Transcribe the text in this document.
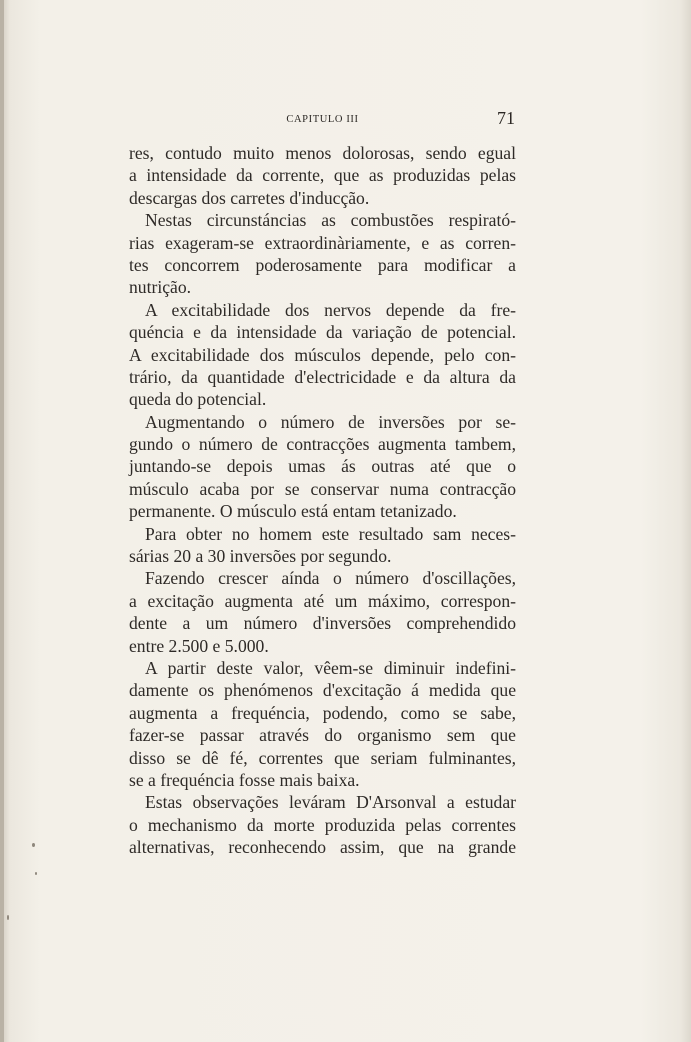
CAPITULO III	71
res, contudo muito menos dolorosas, sendo egual
a intensidade da corrente, que as produzidas pelas
descargas dos carretes d'inducção.
Nestas circunstáncias as combustões respirató-
rias exageram-se extraordinàriamente, e as corren-
tes concorrem poderosamente para modificar a
nutrição.
A excitabilidade dos nervos depende da fre-
quéncia e da intensidade da variação de potencial.
A excitabilidade dos músculos depende, pelo con-
trário, da quantidade d'electricidade e da altura da
queda do potencial.
Augmentando o número de inversões por se-
gundo o número de contracções augmenta tambem,
juntando-se depois umas ás outras até que o
músculo acaba por se conservar numa contracção
permanente. O músculo está entam tetanizado.
Para obter no homem este resultado sam neces-
sárias 20 a 30 inversões por segundo.
Fazendo crescer aínda o número d'oscillações,
a excitação augmenta até um máximo, correspon-
dente a um número d'inversões comprehendido
entre 2.500 e 5.000.
A partir deste valor, vêem-se diminuir indefini-
damente os phenómenos d'excitação á medida que
augmenta a frequéncia, podendo, como se sabe,
fazer-se passar através do organismo sem que
disso se dê fé, correntes que seriam fulminantes,
se a frequéncia fosse mais baixa.
Estas observações leváram D'Arsonval a estudar
o mechanismo da morte produzida pelas correntes
alternativas, reconhecendo assim, que na grande
